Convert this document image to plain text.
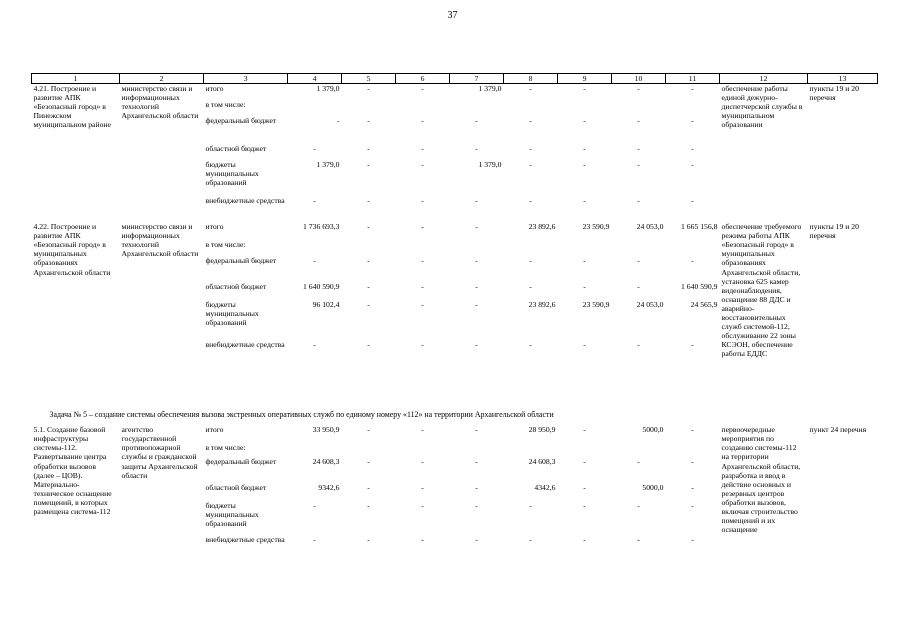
37
1	2	3	4	5	6	7	8	9	10	11	12	13
4.21. Построение и развитие АПК «Безопасный город» в Пинежском муниципальном районе	министерство связи и информационных технологий Архангельской области	итого	1 379,0	-	-	1 379,0	-	-	-	-	обеспечение работы единой дежурно-диспетчерской службы в муниципальном образовании	пункты 19 и 20 перечня
		в том числе:										
		федеральный бюджет	-	-	-	-	-	-	-	-		
		областной бюджет	-	-	-	-	-	-	-	-		
		бюджеты муниципальных образований	1 379,0	-	-	1 379,0	-	-	-	-		
		внебюджетные средства	-	-	-	-	-	-	-	-		
4.22. Построение и развитие АПК «Безопасный город» в муниципальных образованиях Архангельской области	министерство связи и информационных технологий Архангельской области	итого	1 736 693,3	-	-	-	23 892,6	23 590,9	24 053,0	1 665 156,8	обеспечение требуемого режима работы АПК «Безопасный город» в муниципальных образованиях Архангельской области, установка 625 камер видеонаблюдения, оснащение 88 ДДС и аварийно-восстановительных служб системой-112, обслуживание 22 зоны КСЭОН, обеспечение работы ЕДДС	пункты 19 и 20 перечня
		в том числе:										
		федеральный бюджет	-	-	-	-	-	-	-	-		
		областной бюджет	1 640 590,9	-	-	-	-	-	-	1 640 590,9		
		бюджеты муниципальных образований	96 102,4	-	-	-	23 892,6	23 590,9	24 053,0	24 565,9		
		внебюджетные средства	-	-	-	-	-	-	-	-		
Задача № 5 – создание системы обеспечения вызова экстренных оперативных служб по единому номеру «112» на территории Архангельской области												
5.1. Создание базовой инфраструктуры системы-112. Развертывание центра обработки вызовов (далее – ЦОВ). Материально-техническое оснащение помещений, в которых размещена система-112	агентство государственной противопожарной службы и гражданской защиты Архангельской области	итого	33 950,9	-	-	-	28 950,9	-	5000,0	-	первоочередные мероприятия по созданию системы-112 на территории Архангельской области, разработка и ввод в действие основных и резервных центров обработки вызовов, включая строительство помещений и их оснащение	пункт 24 перечня
		в том числе:										
		федеральный бюджет	24 608,3	-	-	-	24 608,3	-	-	-		
		областной бюджет	9342,6	-	-	-	4342,6	-	5000,0	-		
		бюджеты муниципальных образований	-	-	-	-	-	-	-	-		
		внебюджетные средства	-	-	-	-	-	-	-	-		
